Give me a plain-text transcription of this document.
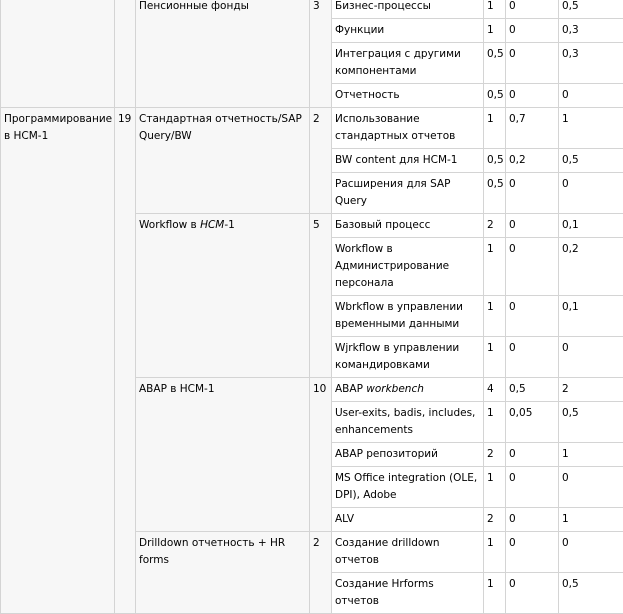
		Пенсионные фонды	3	Бизнес-процессы	1	0	0,5
				Функции	1	0	0,3
				Интеграция с другими компонентами	0,5	0	0,3
				Отчетность	0,5	0	0
Программирование в HCM-1	19	Стандартная отчетность/SAP Query/BW	2	Использование стандартных отчетов	1	0,7	1
				BW content для HCM-1	0,5	0,2	0,5
				Расширения для SAP Query	0,5	0	0
		Workflow в HCM-1	5	Базовый процесс	2	0	0,1
				Workflow в Администрирование персонала	1	0	0,2
				Wbrkflow в управлении временными данными	1	0	0,1
				Wjrkflow в управлении командировками	1	0	0
		ABAP в HCM-1	10	ABAP workbench	4	0,5	2
				User-exits, badis, includes, enhancements	1	0,05	0,5
				ABAP репозиторий	2	0	1
				MS Office integration (OLE, DPI), Adobe	1	0	0
				ALV	2	0	1
		Drilldown отчетность + HR forms	2	Создание drilldown отчетов	1	0	0
				Создание Hrforms отчетов	1	0	0,5
